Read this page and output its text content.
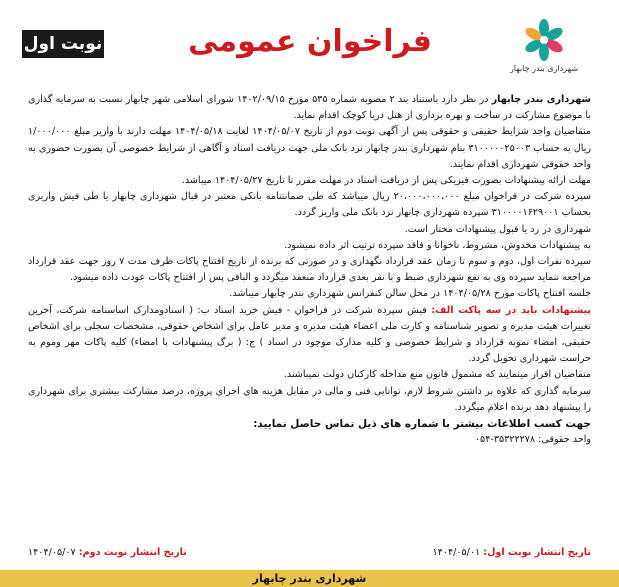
نوبت اول	فراخوان عمومی
شهرداری بندر چابهار

شهرداری بندر چابهار در نظر دارد باستناد بند ۲ مصوبه شماره ۵۳۵ مورخ ۱۴۰۲/۰۹/۱۵ شورای اسلامی شهر چابهار نسبت به سرمایه گذاری با موضوع مشارکت در ساخت و بهره برداری از هتل دریا کوچک اقدام نماید.

متقاضیان واجد شرایط حقیقی و حقوقی پس از آگهی نوبت دوم از تاریخ ۱۴۰۴/۰۵/۰۷ لغایت ۱۴۰۴/۰۵/۱۸ مهلت دارند با واریز مبلغ ۱/۰۰۰/۰۰۰ ریال به حساب ۳۱۰۰۰۰۰۲۵۰۰۳ بنام شهرداری بندر چابهار نزد بانک ملی جهت دریافت اسناد و آگاهی از شرایط خصوصی آن بصورت حضوری به واحد حقوقی شهرداری اقدام نمایند.

مهلت ارائه پیشنهادات بصورت فیزیکی پس از دریافت اسناد در مهلت مقرر تا تاریخ ۱۴۰۴/۰۵/۲۷ میباشد.

سپرده شرکت در فراخوان مبلغ ۲۰،۰۰۰،۰۰۰،۰۰۰ ریال میباشد که طی ضمانتنامه بانکی معتبر در قبال شهرداری چابهار یا طی فیش واریزی بحساب ۳۱۰۰۰۰۱۶۲۹۰۰۱ سپرده شهرداری چابهار نزد بانک ملی واریز گردد.

شهرداری در رد یا قبول پیشنهادات مختار است.

به پیشنهادات مخدوش، مشروط، ناخوانا و فاقد سپرده ترتیب اثر داده نمیشود.

سپرده نفرات اول، دوم و سوم تا زمان عقد قرارداد نگهداری و در صورتی که برنده از تاریخ افتتاح پاکات ظرف مدت ۷ روز جهت عقد قرارداد مراجعه ننماید سپرده وی به نفع شهرداری ضبط و با نفر بعدی قرارداد منعقد میگردد و الباقی پس از افتتاح پاکات عودت داده میشود.

جلسه افتتاح پاکات مورخ ۱۴۰۴/۰۵/۲۸ در محل سالن کنفرانس شهرداری بندر چابهار میباشد.

پیشنهادات باید در سه پاکت الف: فیش سپرده شرکت در فراخوان - فیش خرید اسناد ب: ( اسنادومدارک اساسنامه شرکت، آخرین تغییرات هیئت مدیره و تصویر شناسنامه و کارت ملی اعضاء هیئت مدیره و مدیر عامل برای اشخاص حقوقی، مشخصات سجلی برای اشخاص حقیقی، امضاء نمونه قرارداد و شرایط خصوصی و کلیه مدارک موجود در اسناد ) ج: ( برگ پیشنهادات با امضاء) کلیه پاکات مهر وموم به حراست شهرداری تحویل گردد.

متقاضیان اقرار مینمایند که مشمول قانون منع مداخله کارکنان دولت نمیباشند.

سرمایه گذاری که علاوه بر داشتن شروط لازم، توانایی فنی و مالی در مقابل هزینه های اجرای پروژه، درصد مشارکت بیشتری برای شهرداری را پیشنهاد دهد برنده اعلام میگردد.

جهت کسب اطلاعات بیشتر با شماره های ذیل تماس حاصل نمایید:

واحد حقوقی: ۳۵۳۲۲۲۷۸-۰۵۴

تاریخ انتشار نوبت اول: ۱۴۰۴/۰۵/۰۱
تاریخ انتشار نوبت دوم: ۱۴۰۴/۰۵/۰۷
شهرداری بندر چابهار
